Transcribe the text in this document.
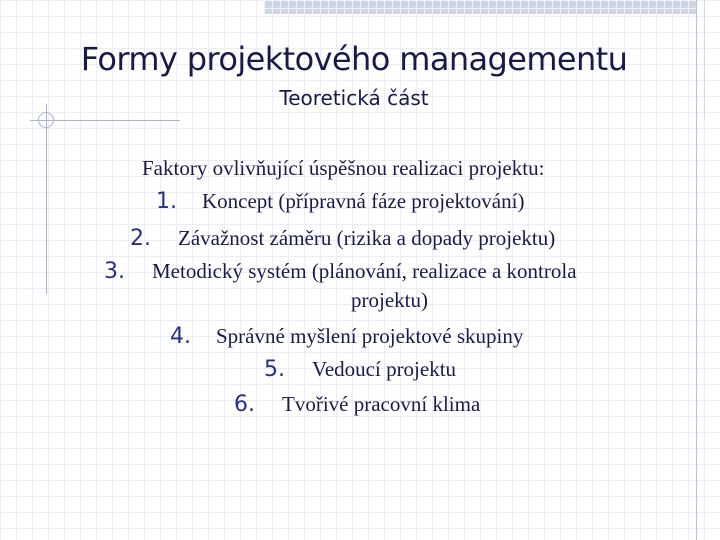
Formy projektového managementu
Teoretická část
Faktory ovlivňující úspěšnou realizaci projektu:
1. Koncept (přípravná fáze projektování)
2. Závažnost záměru (rizika a dopady projektu)
3. Metodický systém (plánování, realizace a kontrola
projektu)
4. Správné myšlení projektové skupiny
5. Vedoucí projektu
6. Tvořivé pracovní klima
